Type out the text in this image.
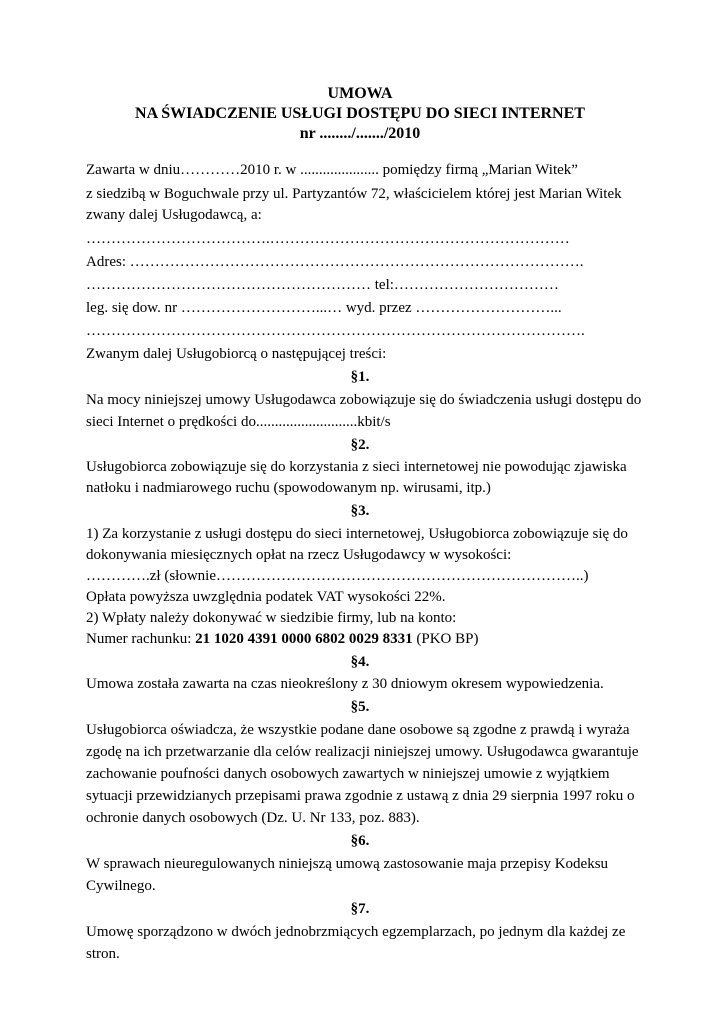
UMOWA
NA ŚWIADCZENIE USŁUGI DOSTĘPU DO SIECI INTERNET
nr ......../......./2010
Zawarta w dniu…………2010 r. w ..................... pomiędzy firmą „Marian Witek”
z siedzibą w Boguchwale przy ul. Partyzantów 72, właścicielem której jest Marian Witek
zwany dalej Usługodawcą, a:
……………………………….……………………………………………………
Adres: ……………………………………………………………………………….
………………………………………………… tel:……………………………
leg. się dow. nr ………………………...… wyd. przez ………………………...
……………………………………………………………………………………….
Zwanym dalej Usługobiorcą o następującej treści:
§1.
Na mocy niniejszej umowy Usługodawca zobowiązuje się do świadczenia usługi dostępu do
sieci Internet o prędkości do...........................kbit/s
§2.
Usługobiorca zobowiązuje się do korzystania z sieci internetowej nie powodując zjawiska
natłoku i nadmiarowego ruchu (spowodowanym np. wirusami, itp.)
§3.
1) Za korzystanie z usługi dostępu do sieci internetowej, Usługobiorca zobowiązuje się do
dokonywania miesięcznych opłat na rzecz Usługodawcy w wysokości:
………….zł (słownie………………………………………………………………..)
Opłata powyższa uwzględnia podatek VAT wysokości 22%.
2) Wpłaty należy dokonywać w siedzibie firmy, lub na konto:
Numer rachunku: 21 1020 4391 0000 6802 0029 8331 (PKO BP)
§4.
Umowa została zawarta na czas nieokreślony z 30 dniowym okresem wypowiedzenia.
§5.
Usługobiorca oświadcza, że wszystkie podane dane osobowe są zgodne z prawdą i wyraża
zgodę na ich przetwarzanie dla celów realizacji niniejszej umowy. Usługodawca gwarantuje
zachowanie poufności danych osobowych zawartych w niniejszej umowie z wyjątkiem
sytuacji przewidzianych przepisami prawa zgodnie z ustawą z dnia 29 sierpnia 1997 roku o
ochronie danych osobowych (Dz. U. Nr 133, poz. 883).
§6.
W sprawach nieuregulowanych niniejszą umową zastosowanie maja przepisy Kodeksu
Cywilnego.
§7.
Umowę sporządzono w dwóch jednobrzmiących egzemplarzach, po jednym dla każdej ze
stron.
